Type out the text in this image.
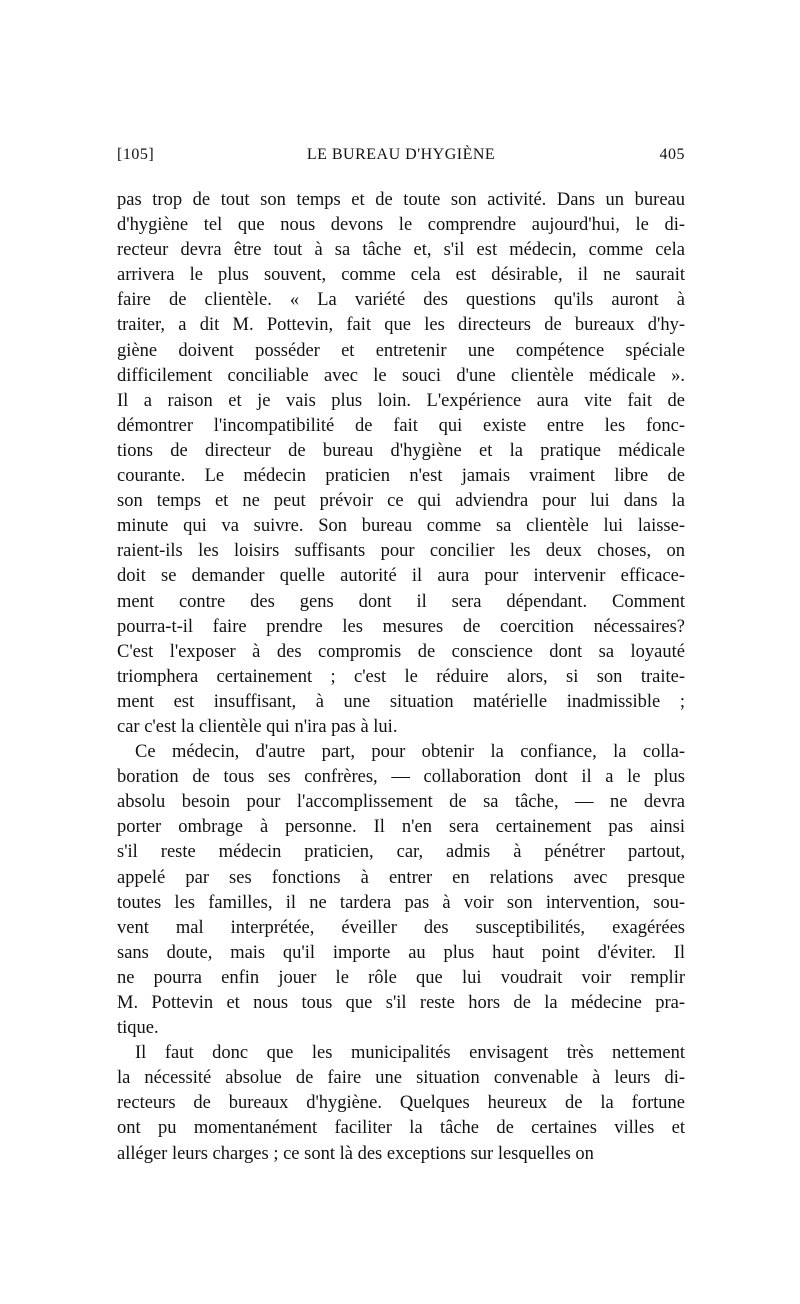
[105]	LE BUREAU D'HYGIÈNE	405
pas trop de tout son temps et de toute son activité. Dans un bureau
d'hygiène tel que nous devons le comprendre aujourd'hui, le di-
recteur devra être tout à sa tâche et, s'il est médecin, comme cela
arrivera le plus souvent, comme cela est désirable, il ne saurait
faire de clientèle. « La variété des questions qu'ils auront à
traiter, a dit M. Pottevin, fait que les directeurs de bureaux d'hy-
giène doivent posséder et entretenir une compétence spéciale
difficilement conciliable avec le souci d'une clientèle médicale ».
Il a raison et je vais plus loin. L'expérience aura vite fait de
démontrer l'incompatibilité de fait qui existe entre les fonc-
tions de directeur de bureau d'hygiène et la pratique médicale
courante. Le médecin praticien n'est jamais vraiment libre de
son temps et ne peut prévoir ce qui adviendra pour lui dans la
minute qui va suivre. Son bureau comme sa clientèle lui laisse-
raient-ils les loisirs suffisants pour concilier les deux choses, on
doit se demander quelle autorité il aura pour intervenir efficace-
ment contre des gens dont il sera dépendant. Comment
pourra-t-il faire prendre les mesures de coercition nécessaires?
C'est l'exposer à des compromis de conscience dont sa loyauté
triomphera certainement ; c'est le réduire alors, si son traite-
ment est insuffisant, à une situation matérielle inadmissible ;
car c'est la clientèle qui n'ira pas à lui.
Ce médecin, d'autre part, pour obtenir la confiance, la colla-
boration de tous ses confrères, — collaboration dont il a le plus
absolu besoin pour l'accomplissement de sa tâche, — ne devra
porter ombrage à personne. Il n'en sera certainement pas ainsi
s'il reste médecin praticien, car, admis à pénétrer partout,
appelé par ses fonctions à entrer en relations avec presque
toutes les familles, il ne tardera pas à voir son intervention, sou-
vent mal interprétée, éveiller des susceptibilités, exagérées
sans doute, mais qu'il importe au plus haut point d'éviter. Il
ne pourra enfin jouer le rôle que lui voudrait voir remplir
M. Pottevin et nous tous que s'il reste hors de la médecine pra-
tique.
Il faut donc que les municipalités envisagent très nettement
la nécessité absolue de faire une situation convenable à leurs di-
recteurs de bureaux d'hygiène. Quelques heureux de la fortune
ont pu momentanément faciliter la tâche de certaines villes et
alléger leurs charges ; ce sont là des exceptions sur lesquelles on
